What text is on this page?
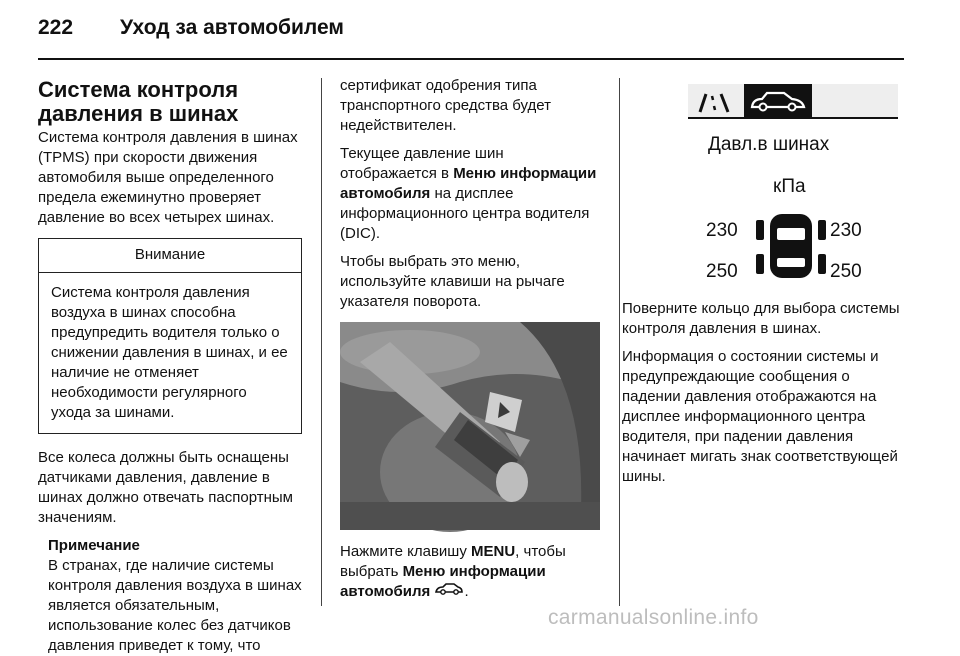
222 Уход за автомобилем
Система контроля
давления в шинах

Система контроля давления в шинах (TPMS) при скорости движения автомобиля выше определенного предела ежеминутно проверяет давление во всех четырех шинах.

Внимание
Система контроля давления воздуха в шинах способна предупредить водителя только о снижении давления в шинах, и ее наличие не отменяет необходимости регулярного ухода за шинами.

Все колеса должны быть оснащены датчиками давления, давление в шинах должно отвечать паспортным значениям.

Примечание
В странах, где наличие системы контроля давления воздуха в шинах является обязательным, использование колес без датчиков давления приведет к тому, что

сертификат одобрения типа транспортного средства будет недействителен.

Текущее давление шин отображается в Меню информации автомобиля на дисплее информационного центра водителя (DIC).

Чтобы выбрать это меню, используйте клавиши на рычаге указателя поворота.

Нажмите клавишу MENU, чтобы выбрать Меню информации автомобиля .

Давл.в шинах
кПа
230	230
250	250

Поверните кольцо для выбора системы контроля давления в шинах.

Информация о состоянии системы и предупреждающие сообщения о падении давления отображаются на дисплее информационного центра водителя, при падении давления начинает мигать знак соответствующей шины.

carmanualsonline.info
